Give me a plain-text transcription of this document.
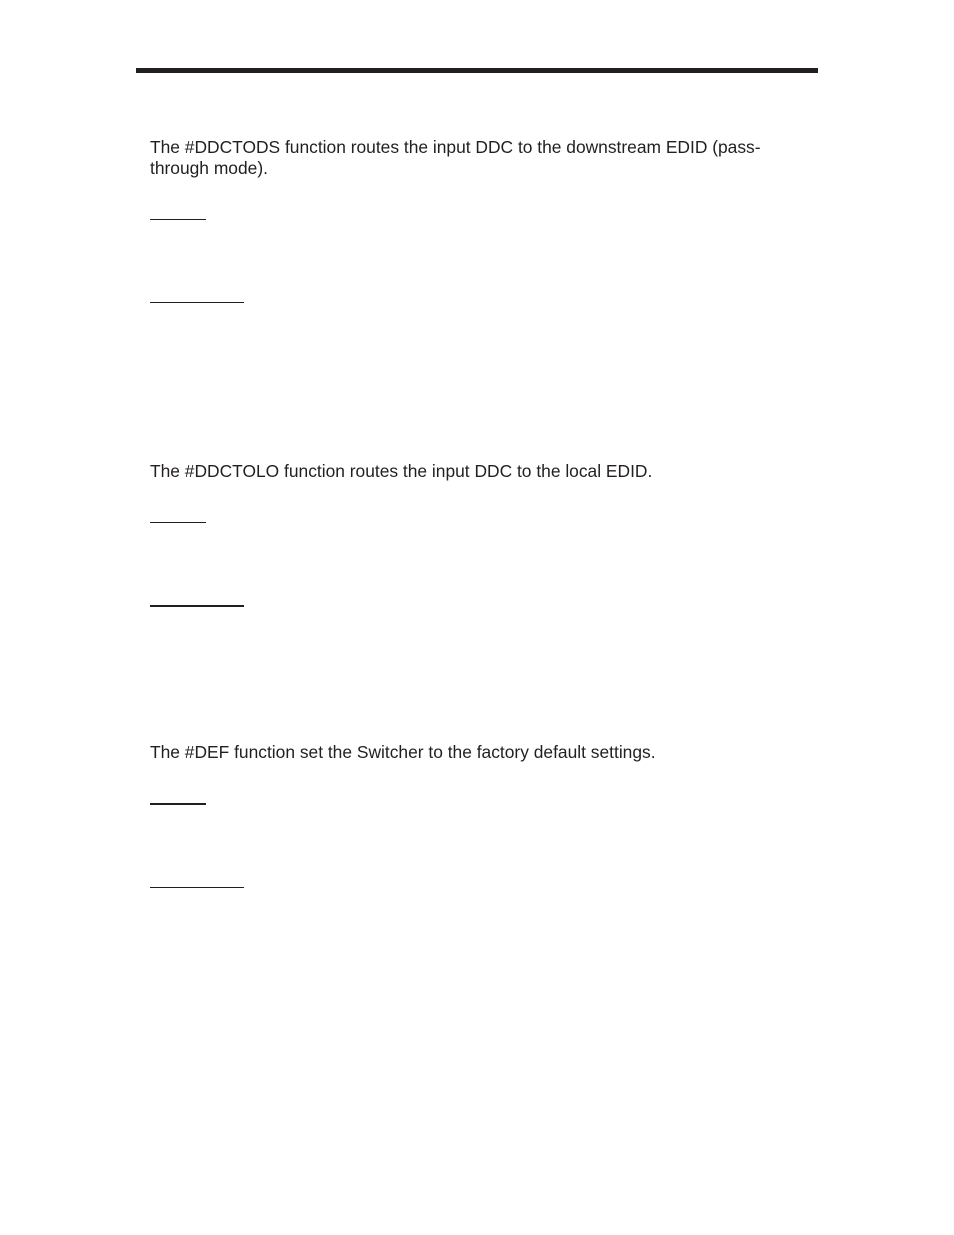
The #DDCTODS function routes the input DDC to the downstream EDID (pass-through mode).

The #DDCTOLO function routes the input DDC to the local EDID.

The #DEF function set the Switcher to the factory default settings.
